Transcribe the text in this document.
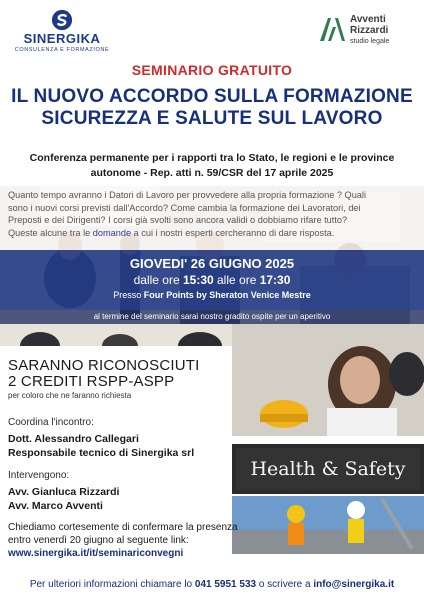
SINERGIKA
CONSULENZA E FORMAZIONE
Avventi
Rizzardi
studio legale
SEMINARIO GRATUITO
IL NUOVO ACCORDO SULLA FORMAZIONE
SICUREZZA E SALUTE SUL LAVORO
Conferenza permanente per i rapporti tra lo Stato, le regioni e le province
autonome - Rep. atti n. 59/CSR del 17 aprile 2025
Quanto tempo avranno i Datori di Lavoro per provvedere alla propria formazione ? Quali
sono i nuovi corsi previsti dall'Accordo? Come cambia la formazione dei Lavoratori, dei
Preposti e dei Dirigenti? I corsi già svolti sono ancora validi o dobbiamo rifare tutto?
Queste alcune tra le domande a cui i nostri esperti cercheranno di dare risposta.
GIOVEDI' 26 GIUGNO 2025
dalle ore 15:30 alle ore 17:30
Presso Four Points by Sheraton Venice Mestre
al termine del seminario sarai nostro gradito ospite per un aperitivo
Health & Safety
SARANNO RICONOSCIUTI
2 CREDITI RSPP-ASPP
per coloro che ne faranno richiesta
Coordina l'incontro:
Dott. Alessandro Callegari
Responsabile tecnico di Sinergika srl
Intervengono:
Avv. Gianluca Rizzardi
Avv. Marco Avventi
Chiediamo cortesemente di confermare la presenza
entro venerdì 20 giugno al seguente link:
www.sinergika.it/it/seminariconvegni
Per ulteriori informazioni chiamare lo 041 5951 533 o scrivere a info@sinergika.it
